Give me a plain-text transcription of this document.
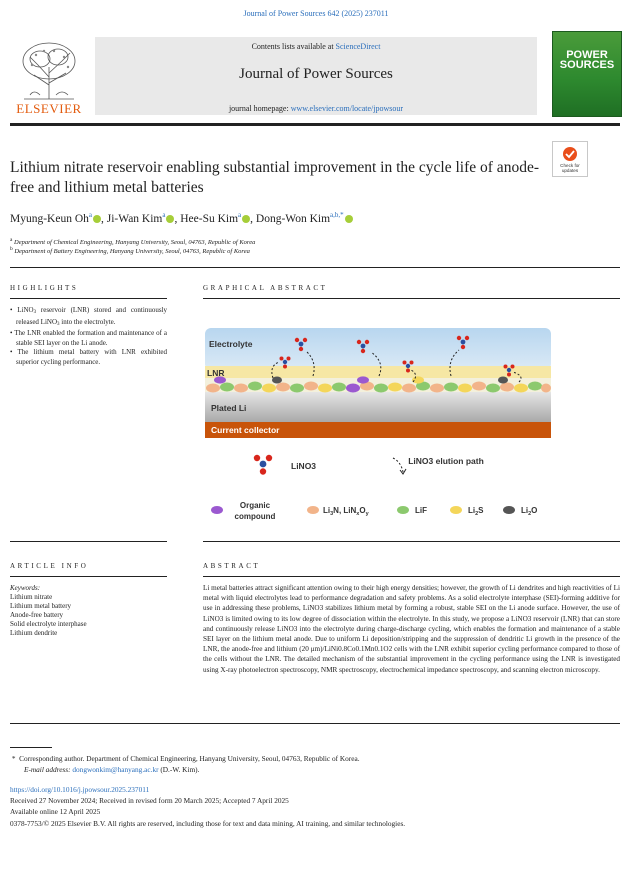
Journal of Power Sources 642 (2025) 237011
ELSEVIER
Contents lists available at ScienceDirect
Journal of Power Sources
journal homepage: www.elsevier.com/locate/jpowsour
POWER
SOURCES
Lithium nitrate reservoir enabling substantial improvement in the cycle life of anode-free and lithium metal batteries
Check for
updates
Myung-Keun Oh$^a$ , Ji-Wan Kim$^a$ , Hee-Su Kim$^a$ , Dong-Won Kim$^{a,b,*}$
$^a$ Department of Chemical Engineering, Hanyang University, Seoul, 04763, Republic of Korea
$^b$ Department of Battery Engineering, Hanyang University, Seoul, 04763, Republic of Korea
HIGHLIGHTS
• LiNO$_3$ reservoir (LNR) stored and continuously released LiNO$_3$ into the electrolyte.
• The LNR enabled the formation and maintenance of a stable SEI layer on the Li anode.
• The lithium metal battery with LNR exhibited superior cycling performance.
GRAPHICAL ABSTRACT
Electrolyte
LNR
Plated Li
Current collector
LiNO3	LiNO3 elution path
Organic
compound
$Li_3N$, $LiN_xO_y$	LiF	$Li_2S$	$Li_2O$
ARTICLE INFO
Keywords:
Lithium nitrate
Lithium metal battery
Anode-free battery
Solid electrolyte interphase
Lithium dendrite
ABSTRACT
Li metal batteries attract significant attention owing to their high energy densities; however, the growth of Li dendrites and high reactivities of Li metal with liquid electrolytes lead to performance degradation and safety problems. As a solid electrolyte interphase (SEI)-forming additive for use in addressing these problems, LiNO3 stabilizes lithium metal by forming a robust, stable SEI on the Li anode surface. However, the use of LiNO3 is limited owing to its low degree of dissociation within the electrolyte. In this study, we propose a LiNO3 reservoir (LNR) that can store and continuously release LiNO3 into the electrolyte during charge-discharge cycling, which enables the formation and maintenance of a stable SEI layer on the lithium metal anode. Due to uniform Li deposition/stripping and the suppression of dendritic Li growth in the presence of the LNR, the anode-free and lithium (20 μm)/LiNi0.8Co0.1Mn0.1O2 cells with the LNR exhibit superior cycling performance compared to those of the cells without the LNR. The detailed mechanism of the substantial improvement in the cycling performance using the LNR is investigated using X-ray photoelectron spectroscopy, NMR spectroscopy, electrochemical impedance spectroscopy, and scanning electron microscopy.
* Corresponding author. Department of Chemical Engineering, Hanyang University, Seoul, 04763, Republic of Korea.
E-mail address: dongwonkim@hanyang.ac.kr (D.-W. Kim).
https://doi.org/10.1016/j.jpowsour.2025.237011
Received 27 November 2024; Received in revised form 20 March 2025; Accepted 7 April 2025
Available online 12 April 2025
0378-7753/© 2025 Elsevier B.V. All rights are reserved, including those for text and data mining, AI training, and similar technologies.
